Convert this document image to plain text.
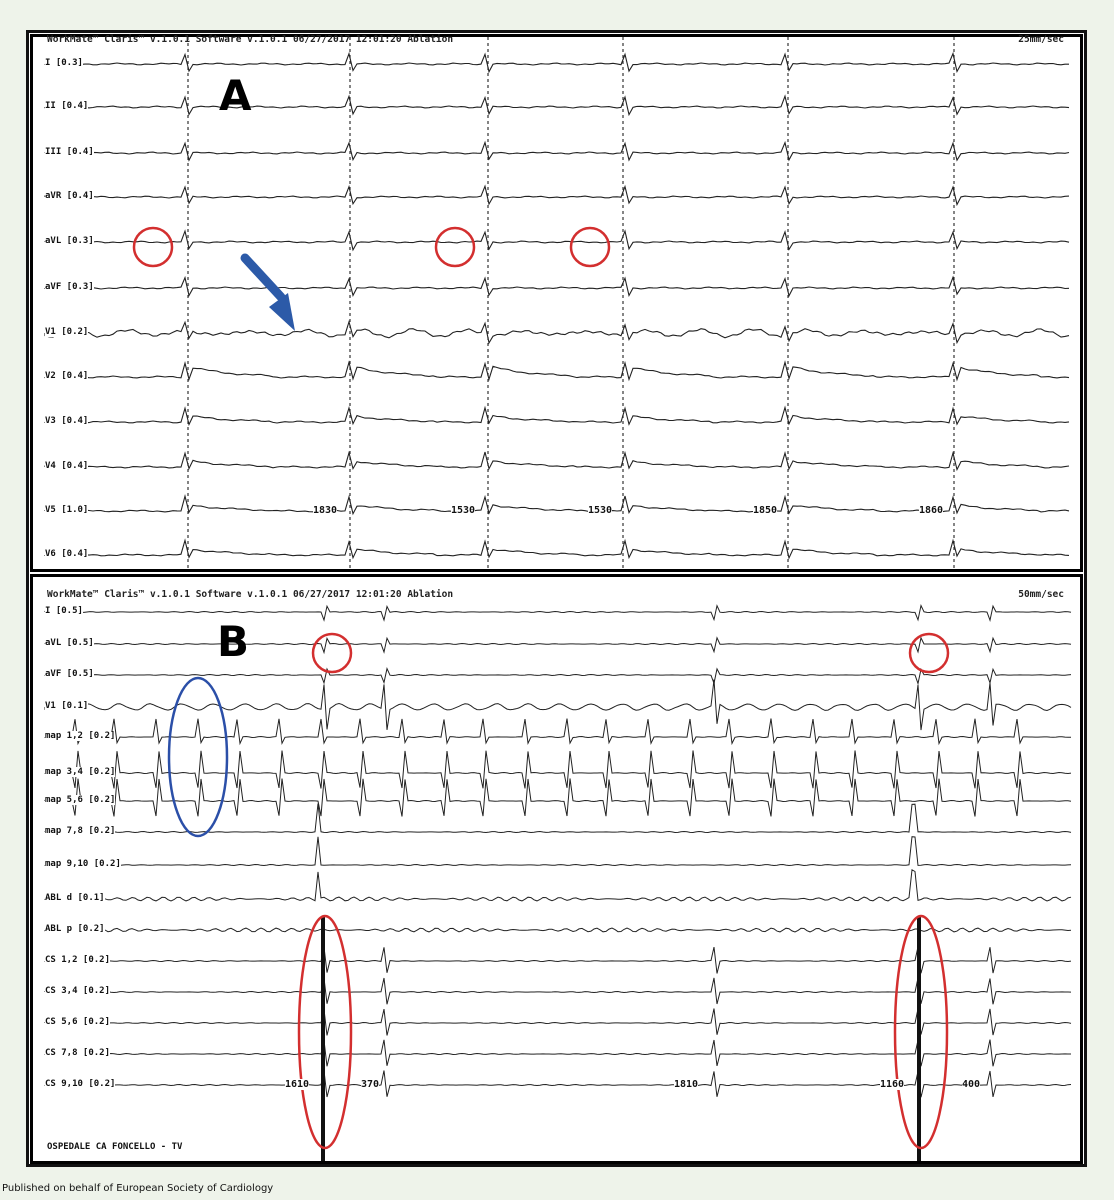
WorkMate™ Claris™ v.1.0.1 Software v.1.0.1 06/27/2017 12:01:20 Ablation	25mm/sec
I [0.3]
II [0.4]
III [0.4]
aVR [0.4]
aVL [0.3]
aVF [0.3]
V1 [0.2]
V2 [0.4]
V3 [0.4]
V4 [0.4]
V5 [1.0]
V6 [0.4]
A
1830	1530	1530	1850	1860
WorkMate™ Claris™ v.1.0.1 Software v.1.0.1 06/27/2017 12:01:20 Ablation	50mm/sec
I [0.5]
aVL [0.5]
aVF [0.5]
V1 [0.1]
map 1,2 [0.2]
map 3,4 [0.2]
map 5,6 [0.2]
map 7,8 [0.2]
map 9,10 [0.2]
ABL d [0.1]
ABL p [0.2]
CS 1,2 [0.2]
CS 3,4 [0.2]
CS 5,6 [0.2]
CS 7,8 [0.2]
CS 9,10 [0.2]
B
1610	370	1810	1160	400
OSPEDALE CA FONCELLO - TV
Published on behalf of European Society of Cardiology
